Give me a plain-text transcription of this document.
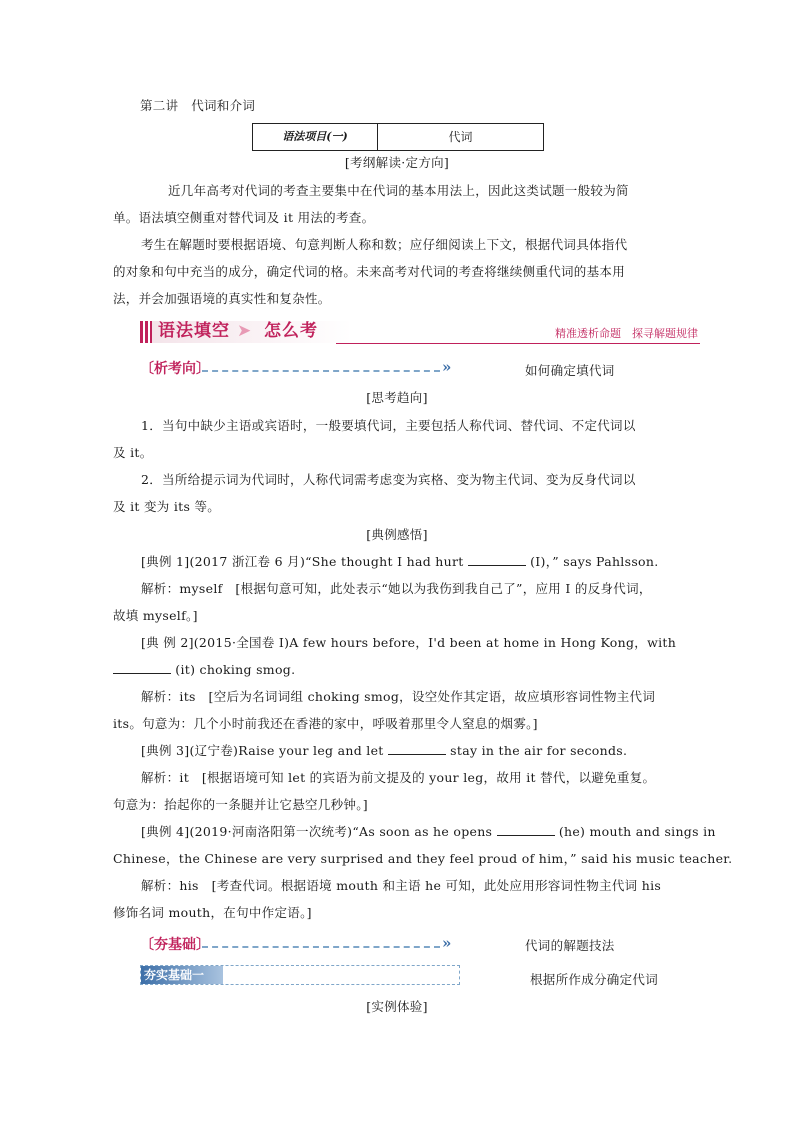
第二讲　代词和介词
语法项目(一)	代词
[考纲解读·定方向]
近几年高考对代词的考查主要集中在代词的基本用法上，因此这类试题一般较为简
单。语法填空侧重对替代词及 it 用法的考查。
考生在解题时要根据语境、句意判断人称和数；应仔细阅读上下文，根据代词具体指代
的对象和句中充当的成分，确定代词的格。未来高考对代词的考查将继续侧重代词的基本用
法，并会加强语境的真实性和复杂性。
语法填空 ➤ 怎么考	精准透析命题　探寻解题规律
〔析考向〕	»	如何确定填代词
[思考趋向]
1．当句中缺少主语或宾语时，一般要填代词，主要包括人称代词、替代词、不定代词以
及 it。
2．当所给提示词为代词时，人称代词需考虑变为宾格、变为物主代词、变为反身代词以
及 it 变为 its 等。
[典例感悟]
[典例 1](2017 浙江卷 6 月)“She thought I had hurt	(I)，” says Pahlsson.
解析：myself　[根据句意可知，此处表示“她以为我伤到我自己了”，应用 I 的反身代词，
故填 myself。]
[典 例 2](2015·全国卷 Ⅰ)A few hours before，I'd been at home in Hong Kong，with
(it) choking smog.
解析：its　[空后为名词词组 choking smog，设空处作其定语，故应填形容词性物主代词
its。句意为：几个小时前我还在香港的家中，呼吸着那里令人窒息的烟雾。]
[典例 3](辽宁卷)Raise your leg and let	stay in the air for seconds.
解析：it　[根据语境可知 let 的宾语为前文提及的 your leg，故用 it 替代，以避免重复。
句意为：抬起你的一条腿并让它悬空几秒钟。]
[典例 4](2019·河南洛阳第一次统考)“As soon as he opens	(he) mouth and sings in
Chinese，the Chinese are very surprised and they feel proud of him，” said his music teacher.
解析：his　[考查代词。根据语境 mouth 和主语 he 可知，此处应用形容词性物主代词 his
修饰名词 mouth，在句中作定语。]
〔夯基础〕	»	代词的解题技法
夯实基础一	根据所作成分确定代词
[实例体验]
